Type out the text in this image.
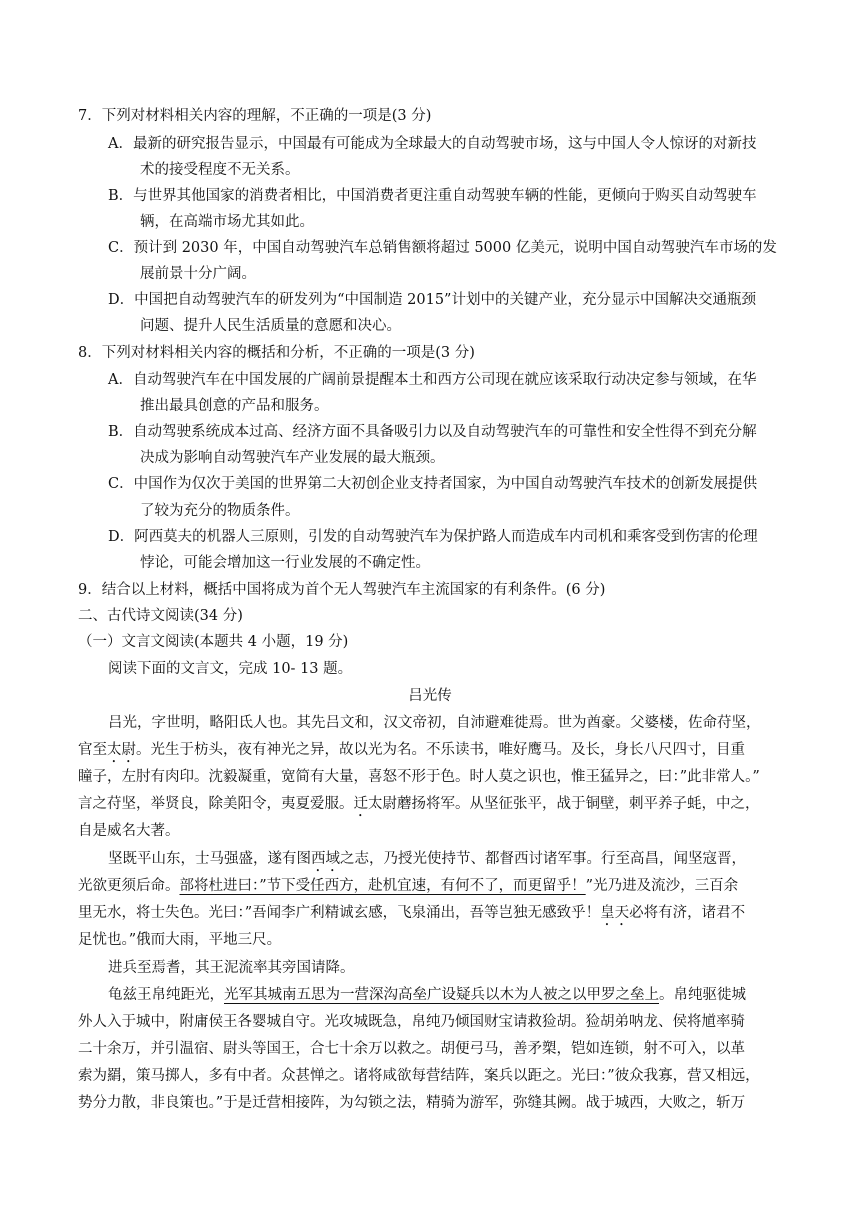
7．下列对材料相关内容的理解，不正确的一项是(3 分)
A．最新的研究报告显示，中国最有可能成为全球最大的自动驾驶市场，这与中国人令人惊讶的对新技
术的接受程度不无关系。
B．与世界其他国家的消费者相比，中国消费者更注重自动驾驶车辆的性能，更倾向于购买自动驾驶车
辆，在高端市场尤其如此。
C．预计到 2030 年，中国自动驾驶汽车总销售额将超过 5000 亿美元，说明中国自动驾驶汽车市场的发
展前景十分广阔。
D．中国把自动驾驶汽车的研发列为“中国制造 2015”计划中的关键产业，充分显示中国解决交通瓶颈
问题、提升人民生活质量的意愿和决心。
8．下列对材料相关内容的概括和分析，不正确的一项是(3 分)
A．自动驾驶汽车在中国发展的广阔前景提醒本土和西方公司现在就应该采取行动决定参与领域，在华
推出最具创意的产品和服务。
B．自动驾驶系统成本过高、经济方面不具备吸引力以及自动驾驶汽车的可靠性和安全性得不到充分解
决成为影响自动驾驶汽车产业发展的最大瓶颈。
C．中国作为仅次于美国的世界第二大初创企业支持者国家，为中国自动驾驶汽车技术的创新发展提供
了较为充分的物质条件。
D．阿西莫夫的机器人三原则，引发的自动驾驶汽车为保护路人而造成车内司机和乘客受到伤害的伦理
悖论，可能会增加这一行业发展的不确定性。
9．结合以上材料，概括中国将成为首个无人驾驶汽车主流国家的有利条件。(6 分)
二、古代诗文阅读(34 分)
（一）文言文阅读(本题共 4 小题，19 分)
阅读下面的文言文，完成 10- 13 题。
吕光传
吕光，字世明，略阳氐人也。其先吕文和，汉文帝初，自沛避难徙焉。世为酋豪。父婆楼，佐命苻坚，
官至太尉。光生于枋头，夜有神光之异，故以光为名。不乐读书，唯好鹰马。及长，身长八尺四寸，目重
瞳子，左肘有肉印。沈毅凝重，宽简有大量，喜怒不形于色。时人莫之识也，惟王猛异之，曰：”此非常人。”
言之苻坚，举贤良，除美阳令，夷夏爱服。迁太尉蘑扬将军。从坚征张平，战于铜壁，刺平养子蚝，中之，
自是威名大著。
坚既平山东，士马强盛，遂有图西域之志，乃授光使持节、都督西讨诸军事。行至高昌，闻坚寇晋，
光欲更须后命。部将杜进曰：”节下受任西方，赴机宜速，有何不了，而更留乎！”光乃进及流沙，三百余
里无水，将士失色。光曰：”吾闻李广利精诚玄感，飞泉涌出，吾等岂独无感致乎！皇天必将有济，诸君不
足忧也。”俄而大雨，平地三尺。
进兵至焉耆，其王泥流率其旁国请降。
龟兹王帛纯距光，光军其城南五思为一营深沟高垒广设疑兵以木为人被之以甲罗之垒上。帛纯驱徙城
外人入于城中，附庸侯王各婴城自守。光攻城既急，帛纯乃倾国财宝请救猃胡。猃胡弟呐龙、侯将馗率骑
二十余万，并引温宿、尉头等国王，合七十余万以救之。胡便弓马，善矛槊，铠如连锁，射不可入，以革
索为羂，策马掷人，多有中者。众甚惮之。诸将咸欲每营结阵，案兵以距之。光曰：”彼众我寡，营又相远，
势分力散，非良策也。”于是迁营相接阵，为勾锁之法，精骑为游军，弥缝其阙。战于城西，大败之，斩万
